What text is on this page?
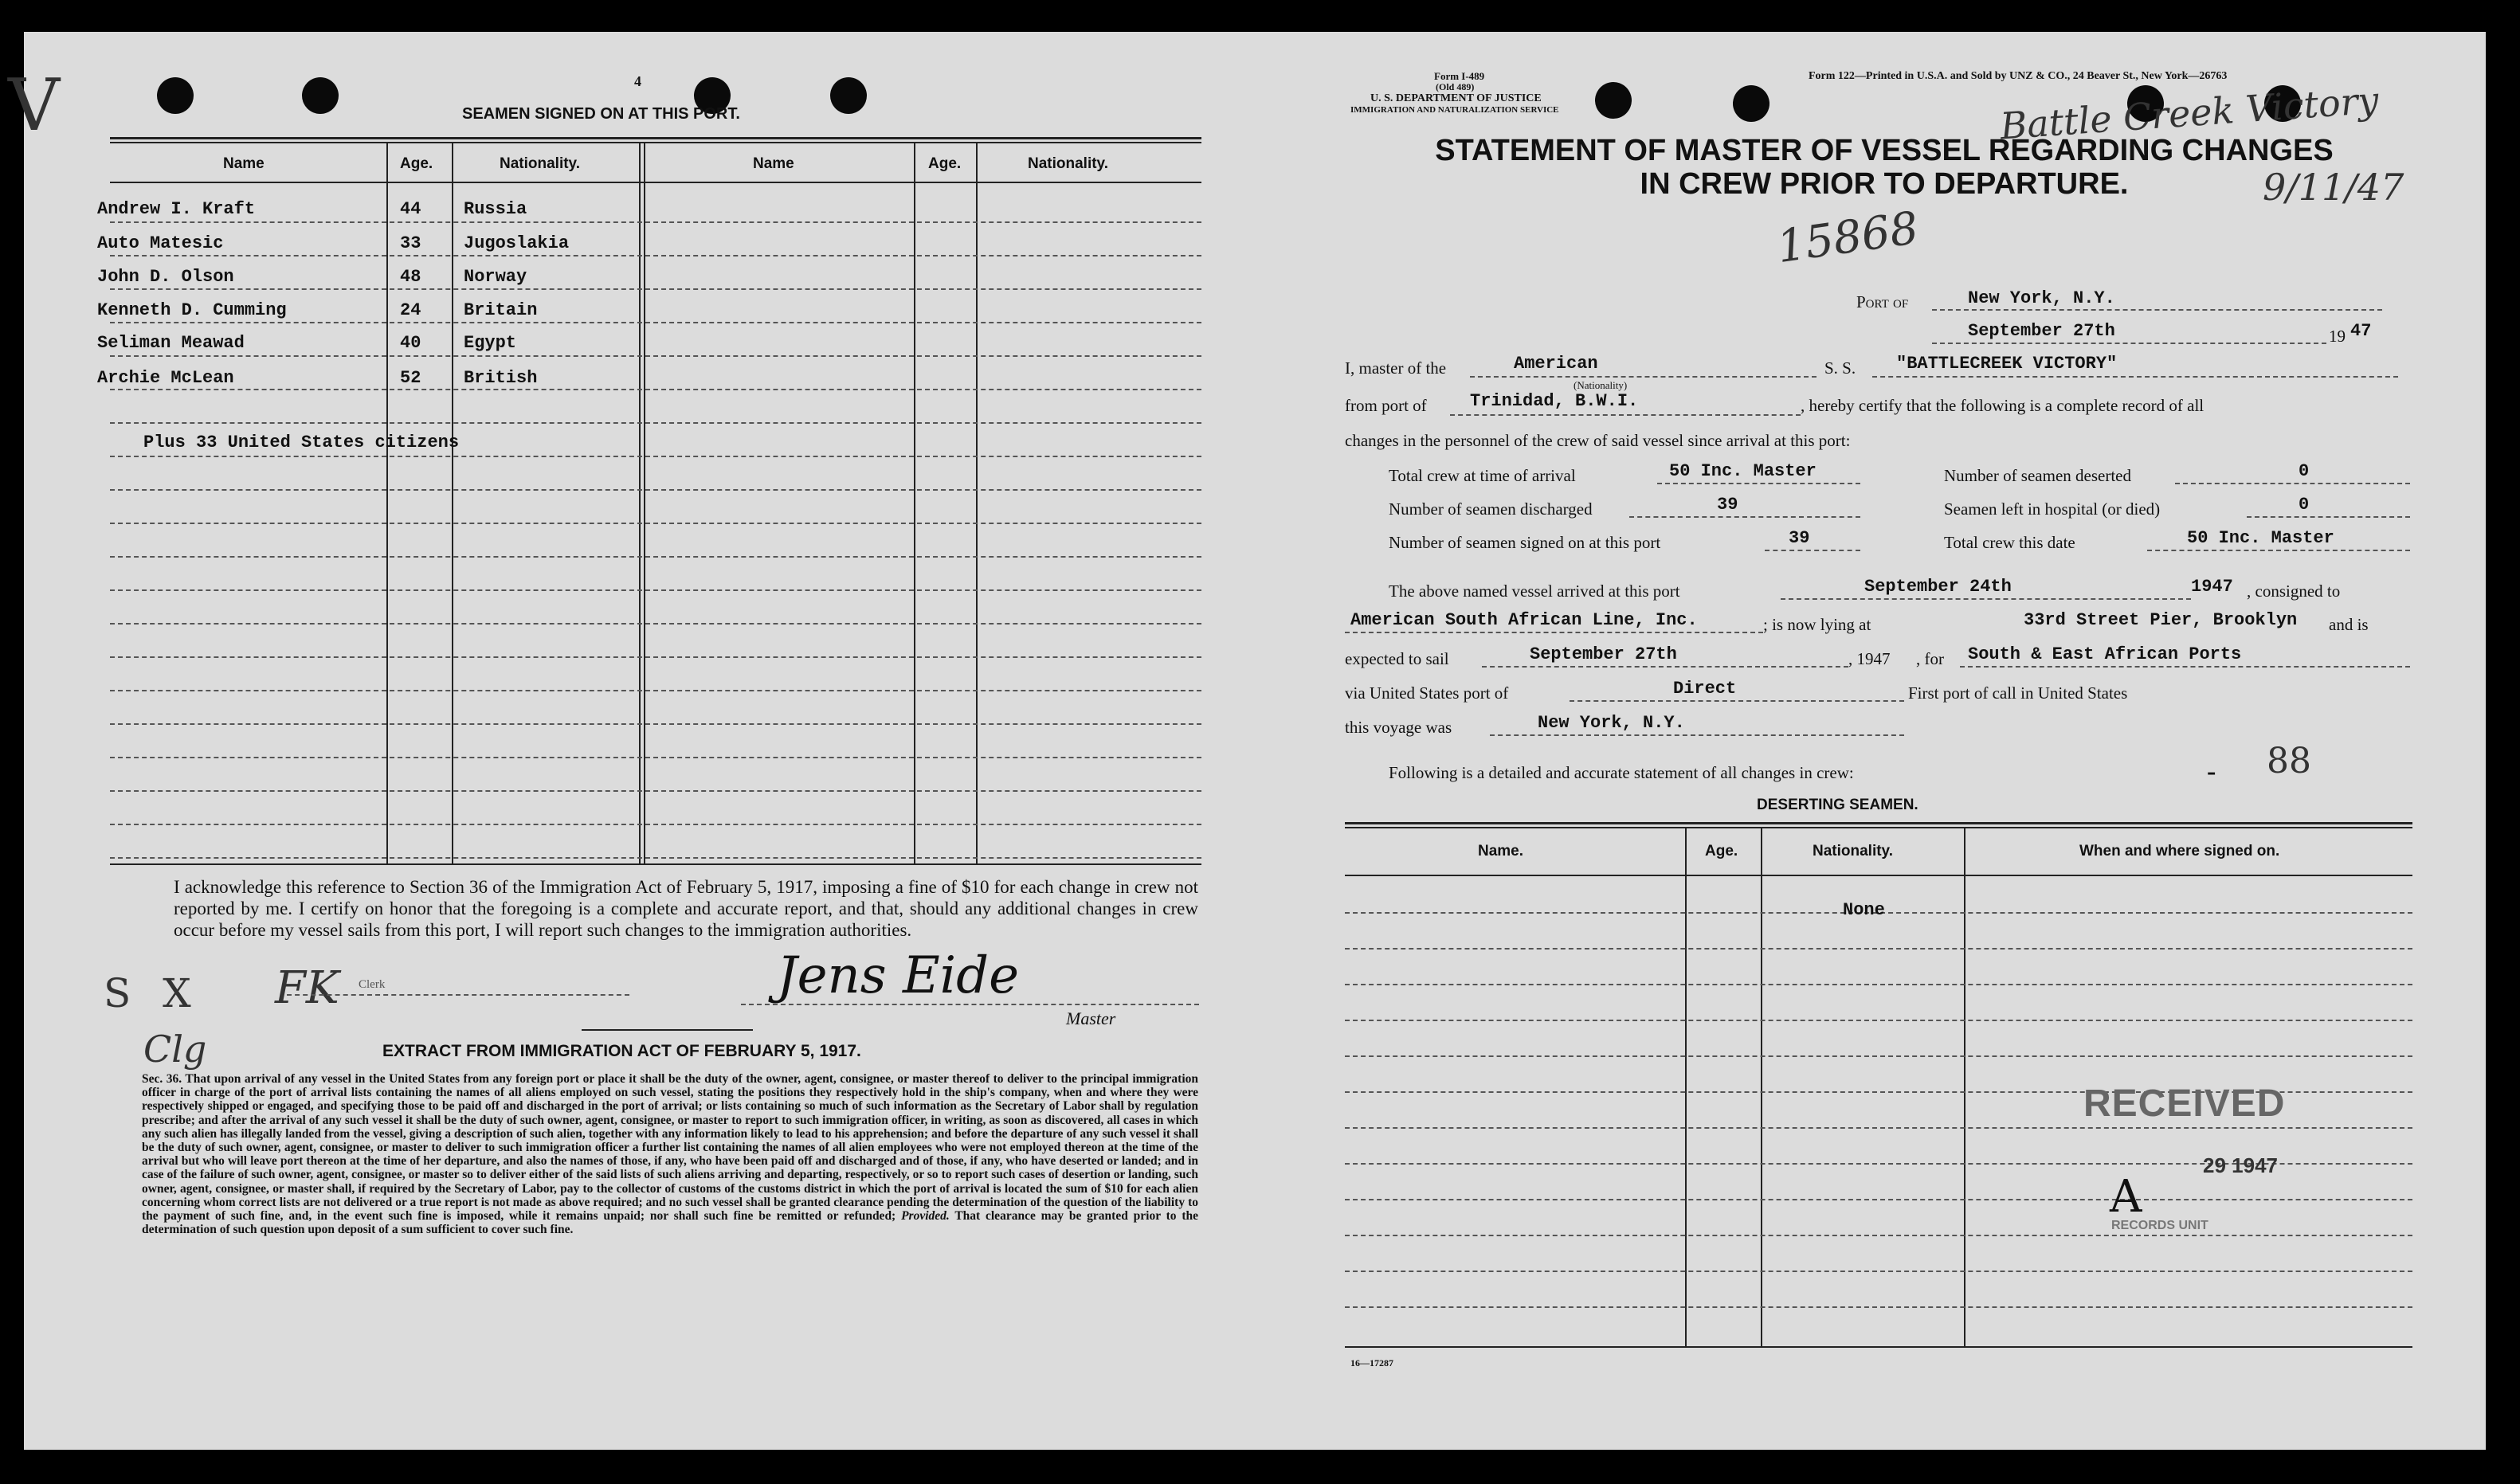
V	4
SEAMEN SIGNED ON AT THIS PORT.
Name	Age.	Nationality.	Name	Age.	Nationality.
Andrew I. Kraft	44 Russia
Auto Matesic	33 Jugoslakia
John D. Olson	48 Norway
Kenneth D. Cumming	24 Britain
Seliman Meawad	40 Egypt
Archie McLean	52 British
Plus 33 United States citizens
I acknowledge this reference to Section 36 of the Immigration Act of February 5, 1917, imposing a fine of $10 for each change in crew not reported by me. I certify on honor that the foregoing is a complete and accurate report, and that, should any additional changes in crew occur before my vessel sails from this port, I will report such changes to the immigration authorities.
S X FK Clerk
Clg
Jens Eide
Master
EXTRACT FROM IMMIGRATION ACT OF FEBRUARY 5, 1917.
Sec. 36. That upon arrival of any vessel in the United States from any foreign port or place it shall be the duty of the owner, agent, consignee, or master thereof to deliver to the principal immigration officer in charge of the port of arrival lists containing the names of all aliens employed on such vessel, stating the positions they respectively hold in the ship's company, when and where they were respectively shipped or engaged, and specifying those to be paid off and discharged in the port of arrival; or lists containing so much of such information as the Secretary of Labor shall by regulation prescribe; and after the arrival of any such vessel it shall be the duty of such owner, agent, consignee, or master to report to such immigration officer, in writing, as soon as discovered, all cases in which any such alien has illegally landed from the vessel, giving a description of such alien, together with any information likely to lead to his apprehension; and before the departure of any such vessel it shall be the duty of such owner, agent, consignee, or master to deliver to such immigration officer a further list containing the names of all alien employees who were not employed thereon at the time of the arrival but who will leave port thereon at the time of her departure, and also the names of those, if any, who have been paid off and discharged and of those, if any, who have deserted or landed; and in case of the failure of such owner, agent, consignee, or master so to deliver either of the said lists of such aliens arriving and departing, respectively, or so to report such cases of desertion or landing, such owner, agent, consignee, or master shall, if required by the Secretary of Labor, pay to the collector of customs of the customs district in which the port of arrival is located the sum of $10 for each alien concerning whom correct lists are not delivered or a true report is not made as above required; and no such vessel shall be granted clearance pending the determination of the question of the liability to the payment of such fine, and, in the event such fine is imposed, while it remains unpaid; nor shall such fine be remitted or refunded; Provided. That clearance may be granted prior to the determination of such question upon deposit of a sum sufficient to cover such fine.
Form I-489
(Old 489)
U. S. DEPARTMENT OF JUSTICE
IMMIGRATION AND NATURALIZATION SERVICE
Form 122—Printed in U.S.A. and Sold by UNZ & CO., 24 Beaver St., New York—26763
Battle Creek Victory
9/11/47
STATEMENT OF MASTER OF VESSEL REGARDING CHANGES
IN CREW PRIOR TO DEPARTURE.
15868
Port of	New York, N.Y.
September 27th	19 47
I, master of the	American
(Nationality)
S. S. "BATTLECREEK VICTORY"
from port of Trinidad, B.W.I.	, hereby certify that the following is a complete record of all
changes in the personnel of the crew of said vessel since arrival at this port:
Total crew at time of arrival	50 Inc. Master	Number of seamen deserted	0
Number of seamen discharged	39	Seamen left in hospital (or died)	0
Number of seamen signed on at this port	39	Total crew this date	50 Inc. Master
The above named vessel arrived at this port	September 24th	1947 , consigned to
American South African Line, Inc.	; is now lying at	33rd Street Pier, Brooklyn and is
expected to sail	September 27th	, 1947 , for South & East African Ports
via United States port of	Direct	First port of call in United States
this voyage was	New York, N.Y.
Following is a detailed and accurate statement of all changes in crew:	- 88
DESERTING SEAMEN.
Name.	Age.	Nationality.	When and where signed on.
None
RECEIVED
29 1947
RECORDS UNIT
A
16—17287
